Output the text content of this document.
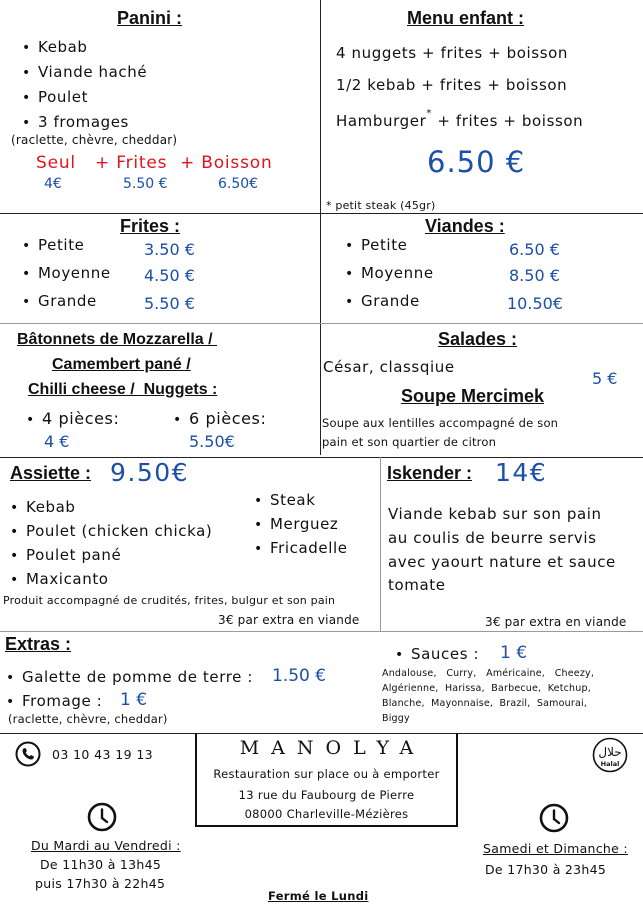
Panini :
• Kebab
• Viande haché
• Poulet
• 3 fromages
(raclette, chèvre, cheddar)
Seul + Frites + Boisson
4€	5.50 €	6.50€
Menu enfant :
4 nuggets + frites + boisson
1/2 kebab + frites + boisson
Hamburger* + frites + boisson
6.50 €
* petit steak (45gr)
Frites :
• Petite	3.50 €
• Moyenne 4.50 €
• Grande	5.50 €
Viandes :
• Petite	6.50 €
• Moyenne	8.50 €
• Grande	10.50€
Bâtonnets de Mozzarella /
Camembert pané /
Chilli cheese /  Nuggets :
• 4 pièces:
4 €
• 6 pièces:
5.50€
Salades :
César, classqiue
5 €
Soupe Mercimek
Soupe aux lentilles accompagné de son
pain et son quartier de citron
Assiette : 9.50€
• Kebab
• Poulet (chicken chicka)
• Poulet pané
• Maxicanto
• Steak
• Merguez
• Fricadelle
Produit accompagné de crudités, frites, bulgur et son pain
3€ par extra en viande
Iskender : 14€
Viande kebab sur son pain
au coulis de beurre servis
avec yaourt nature et sauce
tomate
3€ par extra en viande
Extras :
• Galette de pomme de terre : 1.50 €
• Fromage : 1 €
(raclette, chèvre, cheddar)
• Sauces : 1 €
Andalouse,   Curry,   Américaine,   Cheezy,
Algérienne,  Harissa,  Barbecue,  Ketchup,
Blanche,  Mayonnaise,  Brazil,  Samourai,
Biggy
03 10 43 19 13	MANOLYA
Restauration sur place ou à emporter
13 rue du Faubourg de Pierre
08000 Charleville-Mézières
حلال
Halal
Du Mardi au Vendredi :
De 11h30 à 13h45
puis 17h30 à 22h45
Samedi et Dimanche :
De 17h30 à 23h45
Fermé le Lundi
